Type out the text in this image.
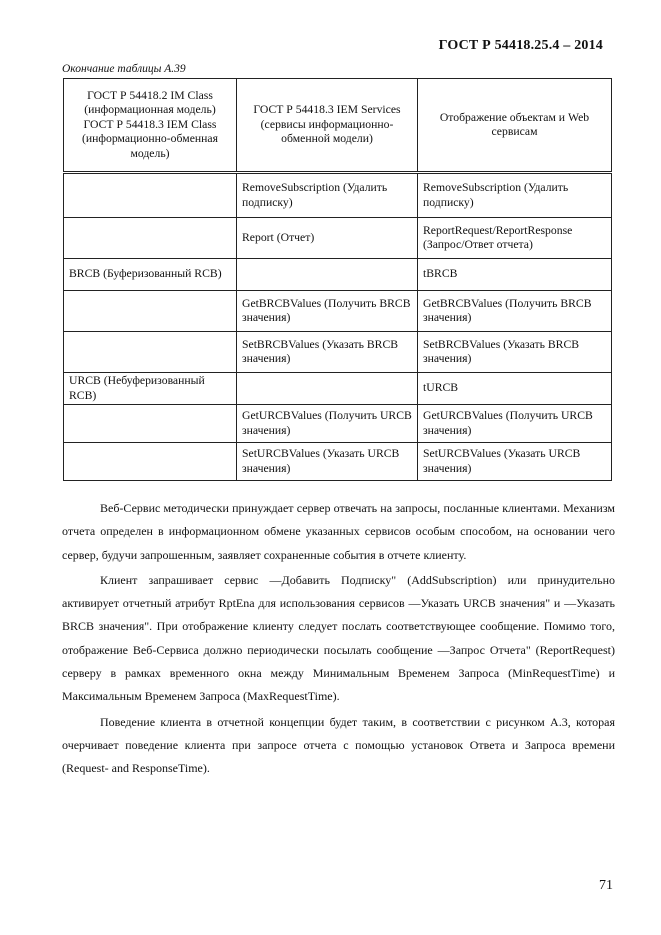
ГОСТ Р 54418.25.4 – 2014
Окончание таблицы А.39
ГОСТ Р 54418.2 IM Class (информационная модель) ГОСТ Р 54418.3 IEM Class (информационно-обменная модель)	ГОСТ Р 54418.3 IEM Services (сервисы информационно-обменной модели)	Отображение объектам и Web сервисам
	RemoveSubscription (Удалить подписку)	RemoveSubscription (Удалить подписку)
	Report (Отчет)	ReportRequest/ReportResponse (Запрос/Ответ отчета)
BRCB (Буферизованный RCB)		tBRCB
	GetBRCBValues (Получить BRCB значения)	GetBRCBValues (Получить BRCB значения)
	SetBRCBValues (Указать BRCB значения)	SetBRCBValues (Указать BRCB значения)
URCB (Небуферизованный RCB)		tURCB
	GetURCBValues (Получить URCB значения)	GetURCBValues (Получить URCB значения)
	SetURCBValues (Указать URCB значения)	SetURCBValues (Указать URCB значения)

Веб-Сервис методически принуждает сервер отвечать на запросы, посланные клиентами. Механизм отчета определен в информационном обмене указанных сервисов особым способом, на основании чего сервер, будучи запрошенным, заявляет сохраненные события в отчете клиенту.

Клиент запрашивает сервис ―Добавить Подписку" (AddSubscription) или принудительно активирует отчетный атрибут RptEna для использования сервисов ―Указать URCB значения" и ―Указать BRCB значения". При отображение клиенту следует послать соответствующее сообщение. Помимо того, отображение Веб-Сервиса должно периодически посылать сообщение ―Запрос Отчета" (ReportRequest) серверу в рамках временного окна между Минимальным Временем Запроса (MinRequestTime) и Максимальным Временем Запроса (MaxRequestTime).

Поведение клиента в отчетной концепции будет таким, в соответствии с рисунком А.3, которая очерчивает поведение клиента при запросе отчета с помощью установок Ответа и Запроса времени (Request- and ResponseTime).

71
